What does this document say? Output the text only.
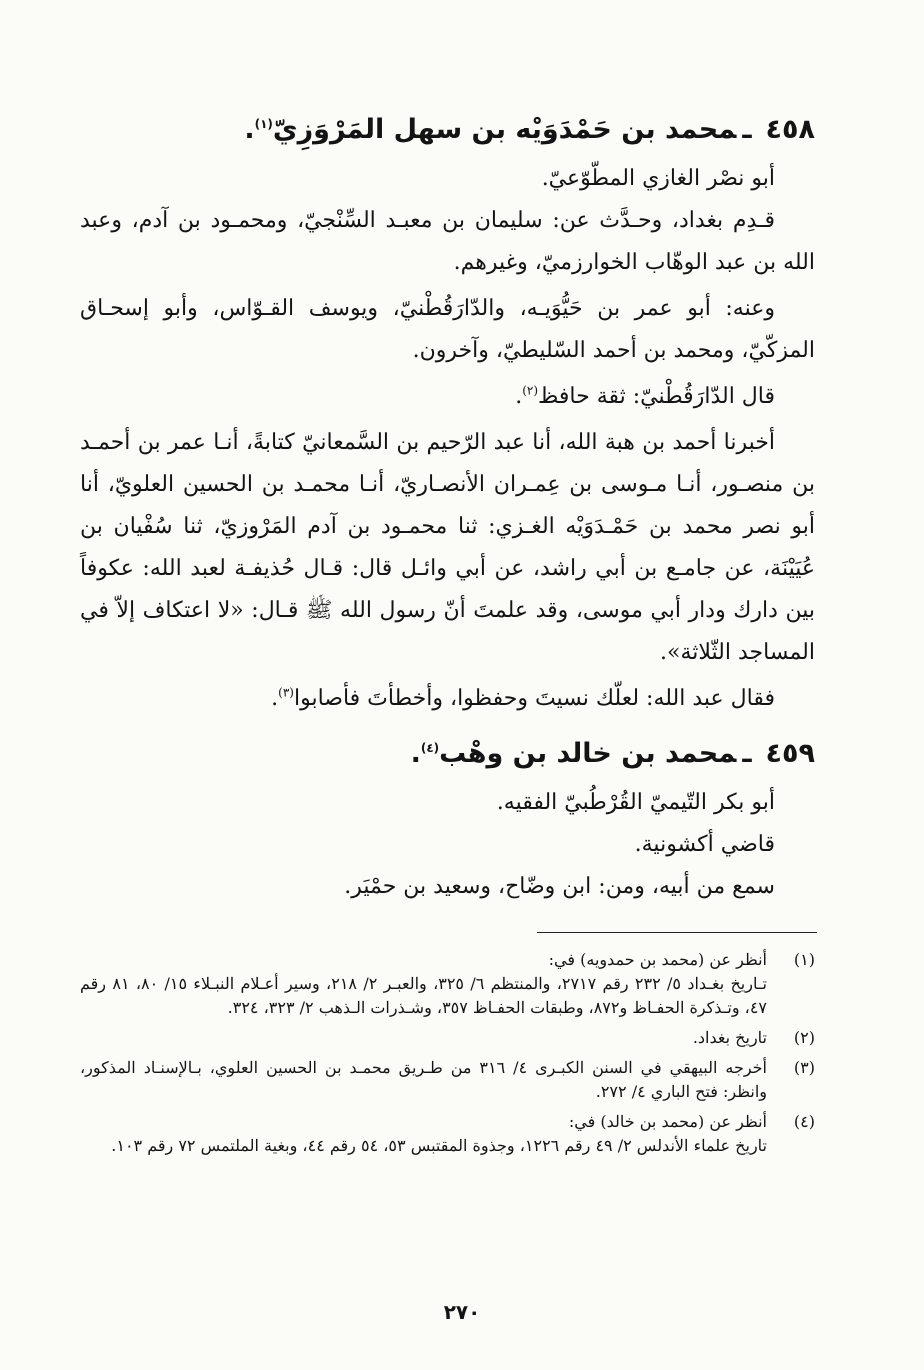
٤٥٨ـمحمد بن حَمْدَوَيْه بن سهل المَرْوَزِيّ$^{(١)}$.

أبو نصْر الغازي المطّوّعيّ.

قـدِم بغداد، وحـدَّث عن: سليمان بن معبـد السِّنْجيّ، ومحمـود بن آدم، وعبد الله بن عبد الوهّاب الخوارزميّ، وغيرهم.

وعنه: أبو عمر بن حَيُّوَيـه، والدّارَقُطْنيّ، ويوسف القـوّاس، وأبو إسحـاق المزكّيّ، ومحمد بن أحمد السّليطيّ، وآخرون.

قال الدّارَقُطْنيّ: ثقة حافظ$^{(٢)}$.

أخبرنا أحمد بن هبة الله، أنا عبد الرّحيم بن السَّمعانيّ كتابةً، أنـا عمر بن أحمـد بن منصـور، أنـا مـوسى بن عِمـران الأنصـاريّ، أنـا محمـد بن الحسين العلويّ، أنا أبو نصر محمد بن حَمْـدَوَيْه الغـزي: ثنا محمـود بن آدم المَرْوزيّ، ثنا سُفْيان بن عُيَيْنَة، عن جامـع بن أبي راشد، عن أبي وائـل قال: قـال حُذيفـة لعبد الله: عكوفاً بين دارك ودار أبي موسى، وقد علمتَ أنّ رسول الله ﷺ قـال: «لا اعتكاف إلاّ في المساجد الثّلاثة».

فقال عبد الله: لعلّك نسيتَ وحفظوا، وأخطأتَ فأصابوا$^{(٣)}$.

٤٥٩ـمحمد بن خالد بن وهْب$^{(٤)}$.

أبو بكر التّيميّ القُرْطُبيّ الفقيه.

قاضي أكشونية.

سمع من أبيه، ومن: ابن وضّاح، وسعيد بن حمْيَر.

(١)

أنظر عن (محمد بن حمدويه) في:

تـاريخ بغـداد ٥/ ٢٣٢ رقم ٢٧١٧، والمنتظم ٦/ ٣٢٥، والعبـر ٢/ ٢١٨، وسير أعـلام النبـلاء ١٥/ ٨٠، ٨١ رقم ٤٧، وتـذكرة الحفـاظ و٨٧٢، وطبقات الحفـاظ ٣٥٧، وشـذرات الـذهب ٢/ ٣٢٣، ٣٢٤.

(٢)

تاريخ بغداد.

(٣)

أخرجه البيهقي في السنن الكبـرى ٤/ ٣١٦ من طـريق محمـد بن الحسين العلوي، بـالإسنـاد المذكور، وانظر: فتح الباري ٤/ ٢٧٢.

(٤)

أنظر عن (محمد بن خالد) في:

تاريخ علماء الأندلس ٢/ ٤٩ رقم ١٢٢٦، وجذوة المقتبس ٥٣، ٥٤ رقم ٤٤، وبغية الملتمس ٧٢ رقم ١٠٣.

٢٧٠
